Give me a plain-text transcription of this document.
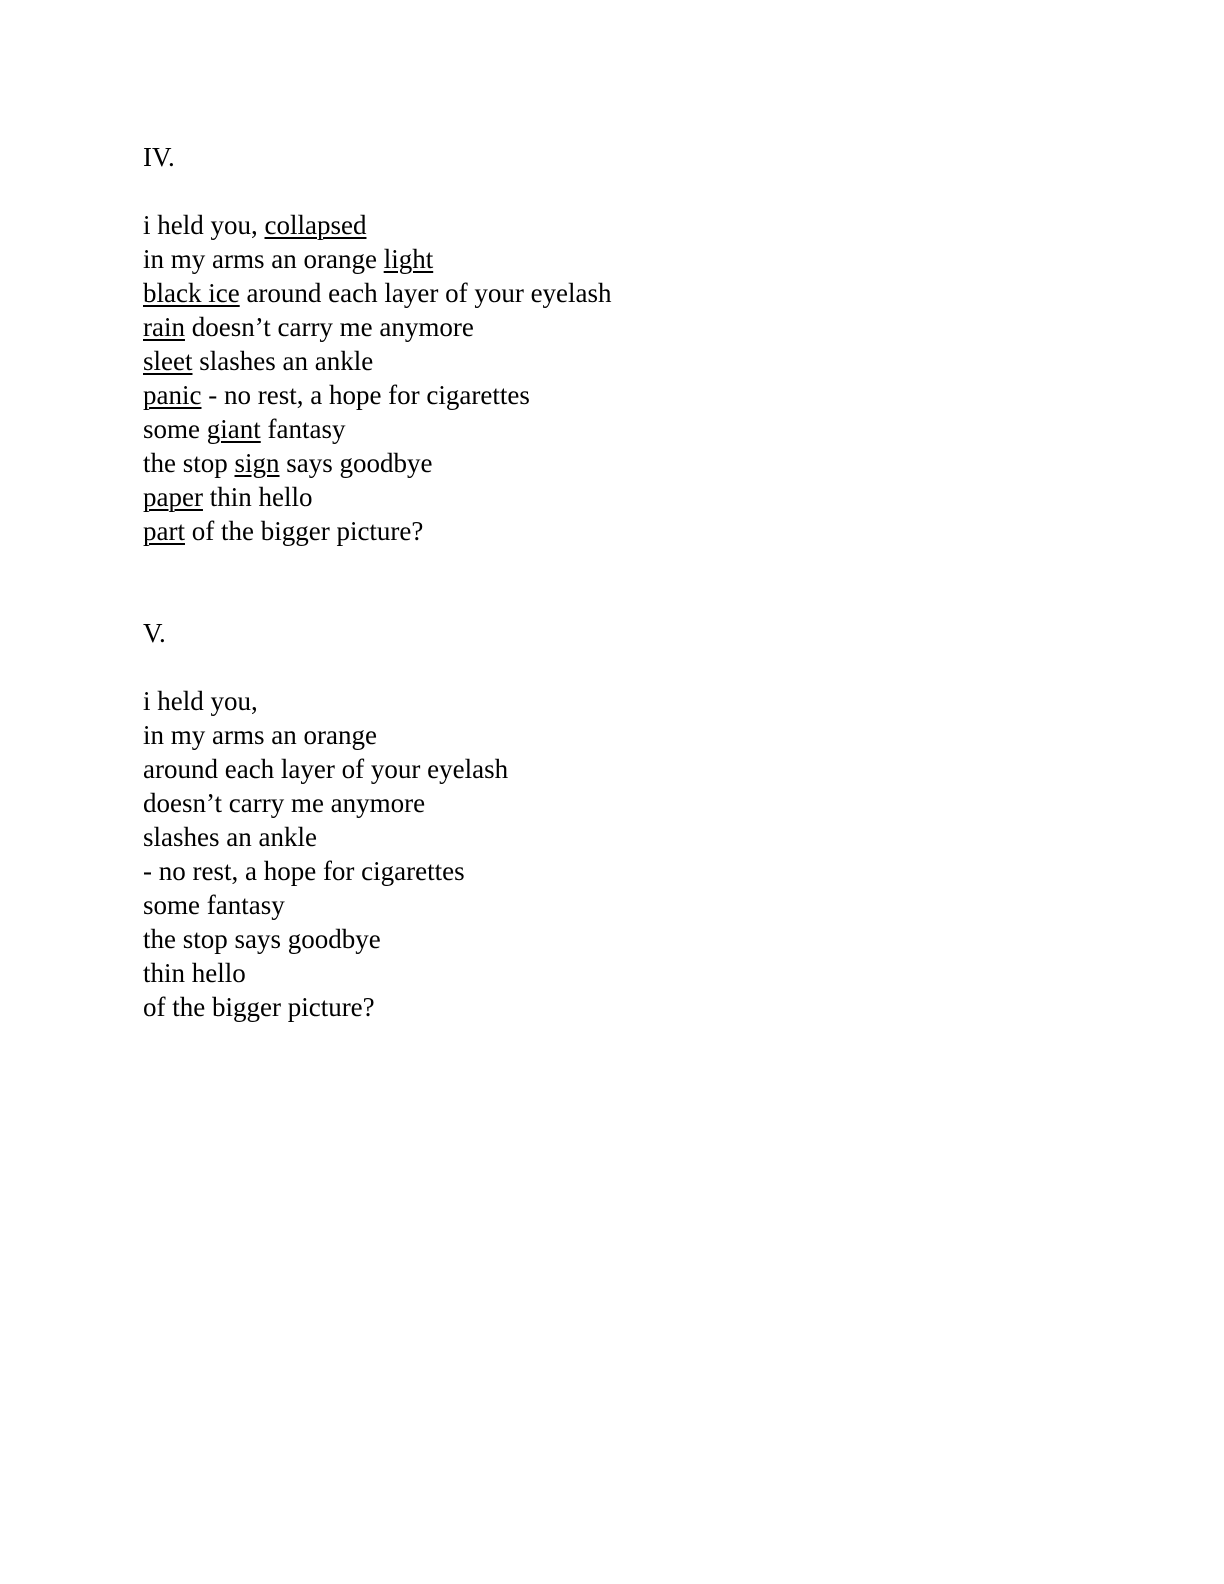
IV.
i held you, collapsed
in my arms an orange light
black ice around each layer of your eyelash
rain doesn’t carry me anymore
sleet slashes an ankle
panic - no rest, a hope for cigarettes
some giant fantasy
the stop sign says goodbye
paper thin hello
part of the bigger picture?
V.
i held you,
in my arms an orange
around each layer of your eyelash
doesn’t carry me anymore
slashes an ankle
- no rest, a hope for cigarettes
some fantasy
the stop says goodbye
thin hello
of the bigger picture?
